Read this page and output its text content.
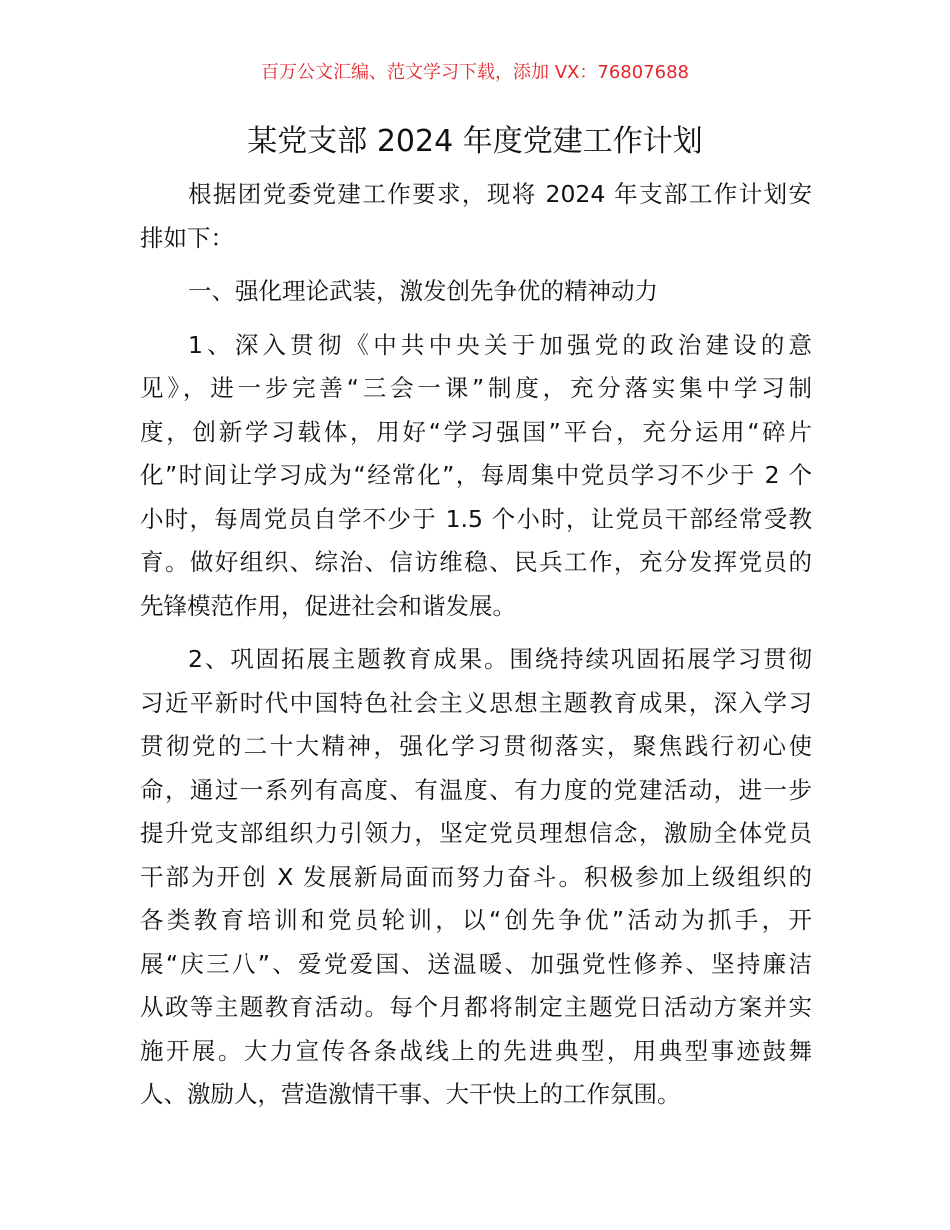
百万公文汇编、范文学习下载，添加 VX：76807688
某党支部 2024 年度党建工作计划
根据团党委党建工作要求，现将 2024 年支部工作计划安
排如下：
一、强化理论武装，激发创先争优的精神动力
1、深入贯彻《中共中央关于加强党的政治建设的意
见》，进一步完善“三会一课”制度，充分落实集中学习制
度，创新学习载体，用好“学习强国”平台，充分运用“碎片
化”时间让学习成为“经常化”，每周集中党员学习不少于 2 个
小时，每周党员自学不少于 1.5 个小时，让党员干部经常受教
育。做好组织、综治、信访维稳、民兵工作，充分发挥党员的
先锋模范作用，促进社会和谐发展。
2、巩固拓展主题教育成果。围绕持续巩固拓展学习贯彻
习近平新时代中国特色社会主义思想主题教育成果，深入学习
贯彻党的二十大精神，强化学习贯彻落实，聚焦践行初心使
命，通过一系列有高度、有温度、有力度的党建活动，进一步
提升党支部组织力引领力，坚定党员理想信念，激励全体党员
干部为开创 X 发展新局面而努力奋斗。积极参加上级组织的
各类教育培训和党员轮训，以“创先争优”活动为抓手，开
展“庆三八”、爱党爱国、送温暖、加强党性修养、坚持廉洁
从政等主题教育活动。每个月都将制定主题党日活动方案并实
施开展。大力宣传各条战线上的先进典型，用典型事迹鼓舞
人、激励人，营造激情干事、大干快上的工作氛围。
